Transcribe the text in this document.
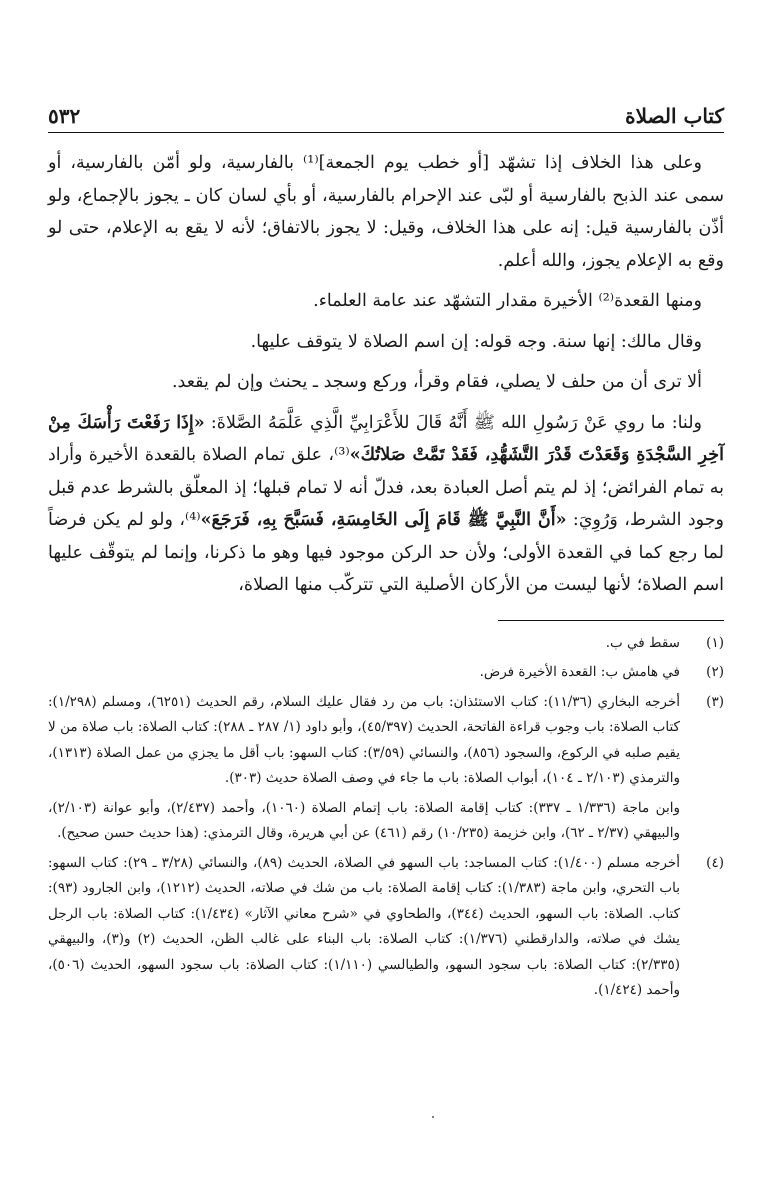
كتاب الصلاة
٥٣٢

وعلى هذا الخلاف إذا تشهّد [أو خطب يوم الجمعة]⁽¹⁾ بالفارسية، ولو أمّن بالفارسية، أو سمى عند الذبح بالفارسية أو لبّى عند الإحرام بالفارسية، أو بأي لسان كان ـ يجوز بالإجماع، ولو أذّن بالفارسية قيل: إنه على هذا الخلاف، وقيل: لا يجوز بالاتفاق؛ لأنه لا يقع به الإعلام، حتى لو وقع به الإعلام يجوز، والله أعلم.

ومنها القعدة⁽²⁾ الأخيرة مقدار التشهّد عند عامة العلماء.

وقال مالك: إنها سنة. وجه قوله: إن اسم الصلاة لا يتوقف عليها.

ألا ترى أن من حلف لا يصلي، فقام وقرأ، وركع وسجد ـ يحنث وإن لم يقعد.

ولنا: ما روي عَنْ رَسُولِ الله ﷺ أَنَّهُ قَالَ للأَعْرَابِيِّ الَّذِي عَلَّمَهُ الصَّلاةَ: «إِذَا رَفَعْتَ رَأْسَكَ مِنْ آخِرِ السَّجْدَةِ وَقَعَدْتَ قَدْرَ التَّشَهُّدِ، فَقَدْ تَمَّتْ صَلاتُكَ»⁽³⁾، علق تمام الصلاة بالقعدة الأخيرة وأراد به تمام الفرائض؛ إذ لم يتم أصل العبادة بعد، فدلّ أنه لا تمام قبلها؛ إذ المعلّق بالشرط عدم قبل وجود الشرط، وَرُوِيَ: «أَنَّ النَّبِيَّ ﷺ قَامَ إِلَى الخَامِسَةِ، فَسَبَّحَ بِهِ، فَرَجَعَ»⁽⁴⁾، ولو لم يكن فرضاً لما رجع كما في القعدة الأولى؛ ولأن حد الركن موجود فيها وهو ما ذكرنا، وإنما لم يتوقّف عليها اسم الصلاة؛ لأنها ليست من الأركان الأصلية التي تتركّب منها الصلاة،

(١)
سقط في ب.
(٢)
في هامش ب: القعدة الأخيرة فرض.
(٣)
أخرجه البخاري (١١/٣٦): كتاب الاستئذان: باب من رد فقال عليك السلام، رقم الحديث (٦٢٥١)، ومسلم (١/٢٩٨): كتاب الصلاة: باب وجوب قراءة الفاتحة، الحديث (٤٥/٣٩٧)، وأبو داود (١/ ٢٨٧ ـ ٢٨٨): كتاب الصلاة: باب صلاة من لا يقيم صلبه في الركوع، والسجود (٨٥٦)، والنسائي (٣/٥٩): كتاب السهو: باب أقل ما يجزي من عمل الصلاة (١٣١٣)، والترمذي (٢/١٠٣ ـ ١٠٤)، أبواب الصلاة: باب ما جاء في وصف الصلاة حديث (٣٠٣).
وابن ماجة (١/٣٣٦ ـ ٣٣٧): كتاب إقامة الصلاة: باب إتمام الصلاة (١٠٦٠)، وأحمد (٢/٤٣٧)، وأبو عوانة (٢/١٠٣)، والبيهقي (٢/٣٧ ـ ٦٢)، وابن خزيمة (١٠/٢٣٥) رقم (٤٦١) عن أبي هريرة، وقال الترمذي: (هذا حديث حسن صحيح).
(٤)
أخرجه مسلم (١/٤٠٠): كتاب المساجد: باب السهو في الصلاة، الحديث (٨٩)، والنسائي (٣/٢٨ ـ ٢٩): كتاب السهو: باب التحري، وابن ماجة (١/٣٨٣): كتاب إقامة الصلاة: باب من شك في صلاته، الحديث (١٢١٢)، وابن الجارود (٩٣): كتاب. الصلاة: باب السهو، الحديث (٣٤٤)، والطحاوي في «شرح معاني الآثار» (١/٤٣٤): كتاب الصلاة: باب الرجل يشك في صلاته، والدارقطني (١/٣٧٦): كتاب الصلاة: باب البناء على غالب الظن، الحديث (٢) و(٣)، والبيهقي (٢/٣٣٥): كتاب الصلاة: باب سجود السهو، والطيالسي (١/١١٠): كتاب الصلاة: باب سجود السهو، الحديث (٥٠٦)، وأحمد (١/٤٢٤).
